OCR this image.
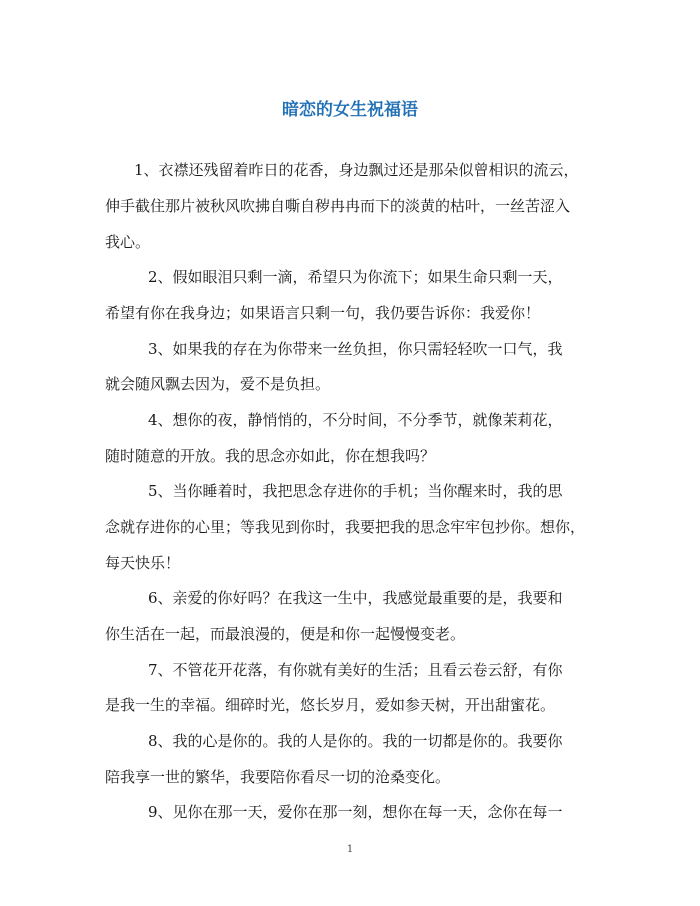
暗恋的女生祝福语
1、衣襟还残留着昨日的花香，身边飘过还是那朵似曾相识的流云，
伸手截住那片被秋风吹拂自嘶自秽冉冉而下的淡黄的枯叶，一丝苦涩入
我心。
2、假如眼泪只剩一滴，希望只为你流下；如果生命只剩一天，
希望有你在我身边；如果语言只剩一句，我仍要告诉你：我爱你！
3、如果我的存在为你带来一丝负担，你只需轻轻吹一口气，我
就会随风飘去因为，爱不是负担。
4、想你的夜，静悄悄的，不分时间，不分季节，就像茉莉花，
随时随意的开放。我的思念亦如此，你在想我吗？
5、当你睡着时，我把思念存进你的手机；当你醒来时，我的思
念就存进你的心里；等我见到你时，我要把我的思念牢牢包抄你。想你，
每天快乐！
6、亲爱的你好吗？在我这一生中，我感觉最重要的是，我要和
你生活在一起，而最浪漫的，便是和你一起慢慢变老。
7、不管花开花落，有你就有美好的生活；且看云卷云舒，有你
是我一生的幸福。细碎时光，悠长岁月，爱如参天树，开出甜蜜花。
8、我的心是你的。我的人是你的。我的一切都是你的。我要你
陪我享一世的繁华，我要陪你看尽一切的沧桑变化。
9、见你在那一天，爱你在那一刻，想你在每一天，念你在每一
1
